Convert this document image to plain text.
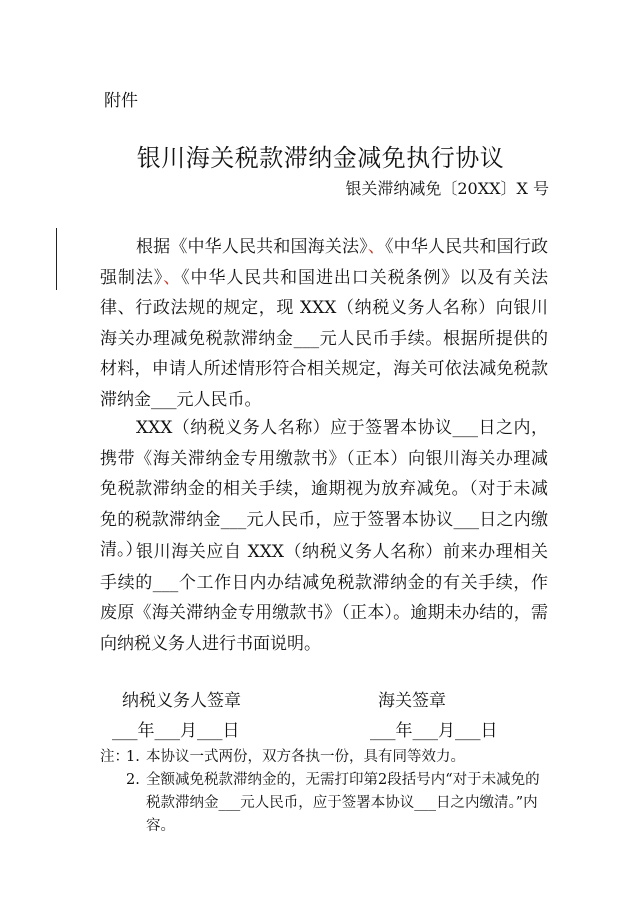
附件
银川海关税款滞纳金减免执行协议
银关滞纳减免〔20XX〕X 号
根据《中华人民共和国海关法》、《中华人民共和国行政强制法》、《中华人民共和国进出口关税条例》以及有关法律、行政法规的规定，现 XXX（纳税义务人名称）向银川海关办理减免税款滞纳金___元人民币手续。根据所提供的材料，申请人所述情形符合相关规定，海关可依法减免税款滞纳金___元人民币。
XXX（纳税义务人名称）应于签署本协议___日之内，携带《海关滞纳金专用缴款书》（正本）向银川海关办理减免税款滞纳金的相关手续，逾期视为放弃减免。（对于未减免的税款滞纳金___元人民币，应于签署本协议___日之内缴清。）
银川海关应自 XXX（纳税义务人名称）前来办理相关手续的___个工作日内办结减免税款滞纳金的有关手续，作废原《海关滞纳金专用缴款书》（正本）。逾期未办结的，需向纳税义务人进行书面说明。
纳税义务人签章	海关签章
___年___月___日	___年___月___日
注：
1. 本协议一式两份，双方各执一份，具有同等效力。
2. 全额减免税款滞纳金的，无需打印第2段括号内“对于未减免的
税款滞纳金___元人民币，应于签署本协议___日之内缴清。”内容。
